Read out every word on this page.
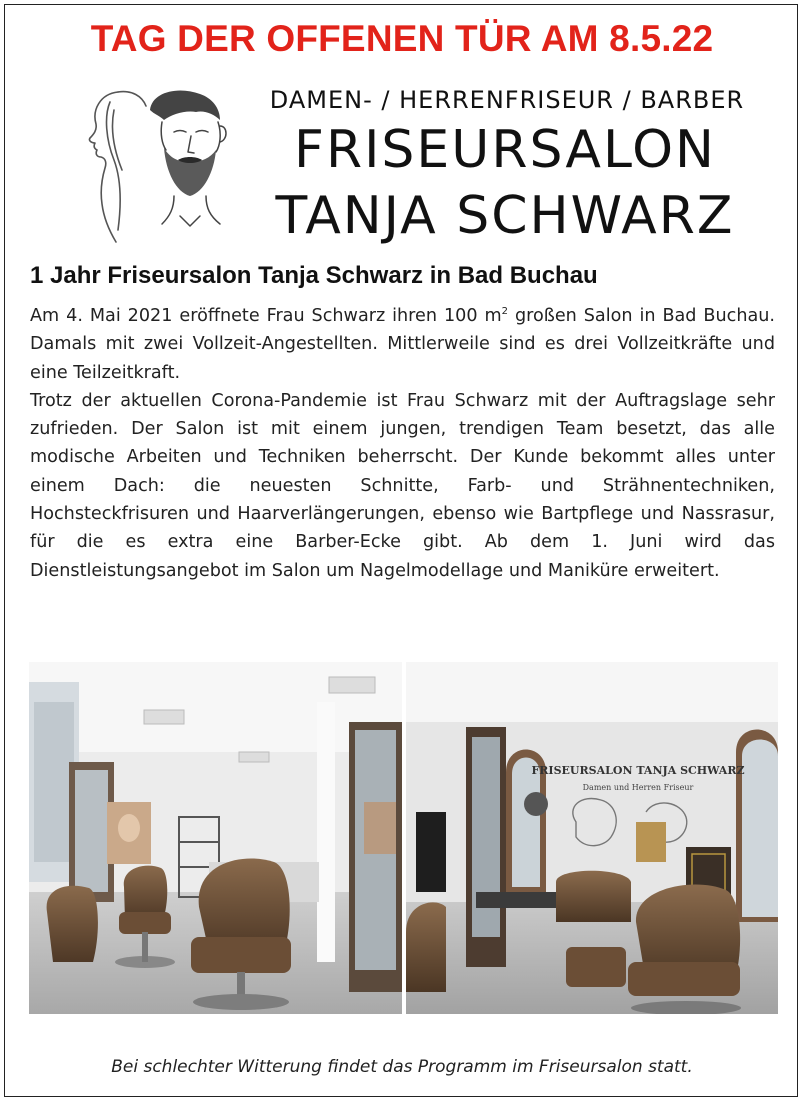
TAG DER OFFENEN TÜR AM 8.5.22
DAMEN- / HERRENFRISEUR / BARBER
FRISEURSALON
TANJA SCHWARZ
1 Jahr Friseursalon Tanja Schwarz in Bad Buchau

Am 4. Mai 2021 eröffnete Frau Schwarz ihren 100 $m^2$ großen Salon in Bad Buchau. Damals mit zwei Vollzeit-Angestellten. Mittlerweile sind es drei Vollzeitkräfte und eine Teilzeitkraft.

Trotz der aktuellen Corona-Pandemie ist Frau Schwarz mit der Auftragslage sehr zufrieden. Der Salon ist mit einem jungen, trendigen Team besetzt, das alle modische Arbeiten und Techniken beherrscht. Der Kunde bekommt alles unter einem Dach: die neuesten Schnitte, Farb- und Strähnentechniken, Hochsteckfrisuren und Haarverlängerungen, ebenso wie Bartpflege und Nassrasur, für die es extra eine Barber-Ecke gibt. Ab dem 1. Juni wird das Dienstleistungsangebot im Salon um Nagelmodellage und Maniküre erweitert.

FRISEURSALON TANJA SCHWARZ
Damen und Herren Friseur
Bei schlechter Witterung findet das Programm im Friseursalon statt.
